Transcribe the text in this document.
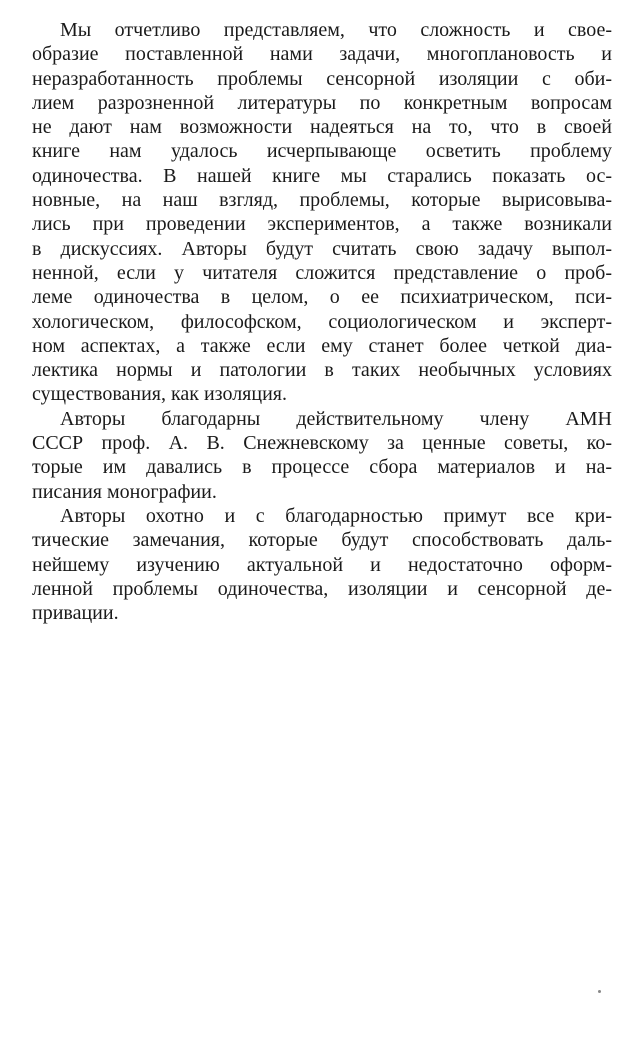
Мы отчетливо представляем, что сложность и свое-
образие поставленной нами задачи, многоплановость и
неразработанность проблемы сенсорной изоляции с оби-
лием разрозненной литературы по конкретным вопросам
не дают нам возможности надеяться на то, что в своей
книге нам удалось исчерпывающе осветить проблему
одиночества. В нашей книге мы старались показать ос-
новные, на наш взгляд, проблемы, которые вырисовыва-
лись при проведении экспериментов, а также возникали
в дискуссиях. Авторы будут считать свою задачу выпол-
ненной, если у читателя сложится представление о проб-
леме одиночества в целом, о ее психиатрическом, пси-
хологическом, философском, социологическом и эксперт-
ном аспектах, а также если ему станет более четкой диа-
лектика нормы и патологии в таких необычных условиях
существования, как изоляция.
Авторы благодарны действительному члену АМН
СССР проф. А. В. Снежневскому за ценные советы, ко-
торые им давались в процессе сбора материалов и на-
писания монографии.
Авторы охотно и с благодарностью примут все кри-
тические замечания, которые будут способствовать даль-
нейшему изучению актуальной и недостаточно оформ-
ленной проблемы одиночества, изоляции и сенсорной де-
привации.
